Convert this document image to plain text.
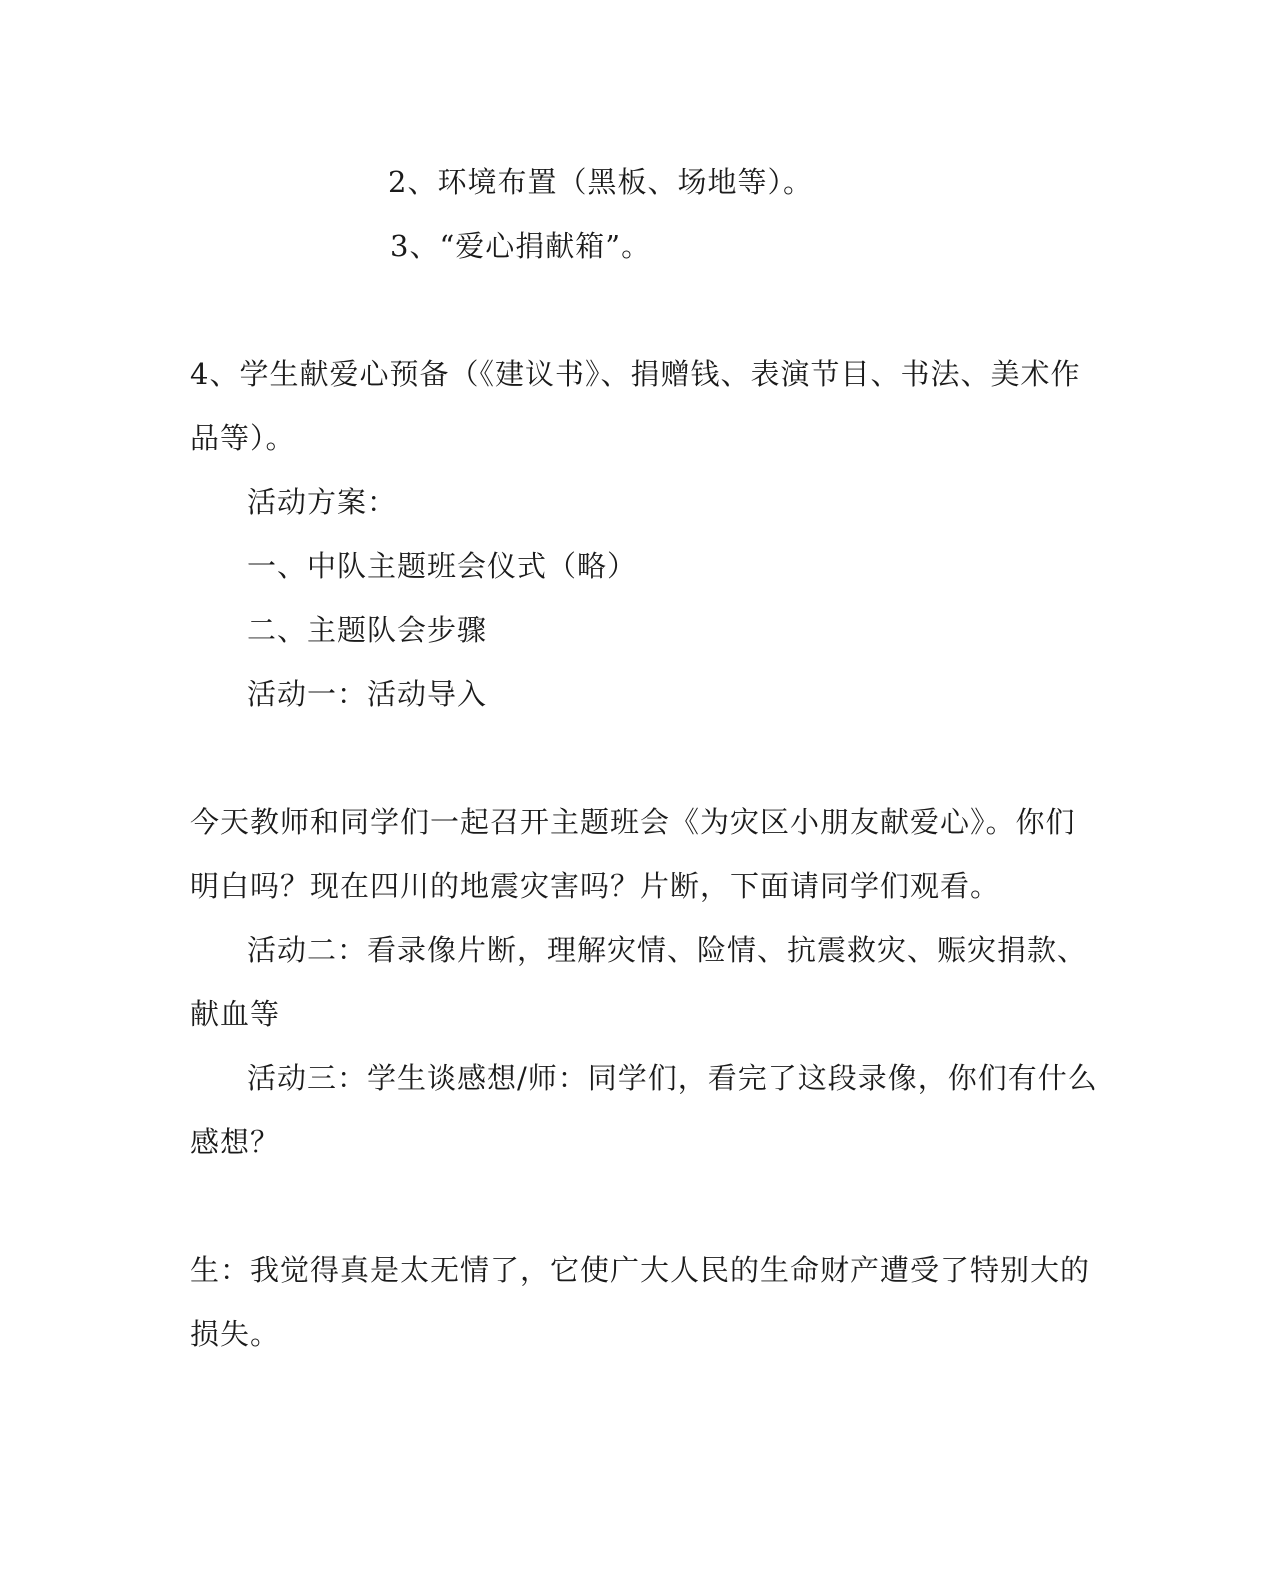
2、环境布置（黑板、场地等）。
3、“爱心捐献箱”。
4、学生献爱心预备（《建议书》、捐赠钱、表演节目、书法、美术作
品等）。
活动方案：
一、中队主题班会仪式（略）
二、主题队会步骤
活动一：活动导入
今天教师和同学们一起召开主题班会《为灾区小朋友献爱心》。你们
明白吗？现在四川的地震灾害吗？片断，下面请同学们观看。
活动二：看录像片断，理解灾情、险情、抗震救灾、赈灾捐款、
献血等
活动三：学生谈感想/师：同学们，看完了这段录像，你们有什么
感想？
生：我觉得真是太无情了，它使广大人民的生命财产遭受了特别大的
损失。
